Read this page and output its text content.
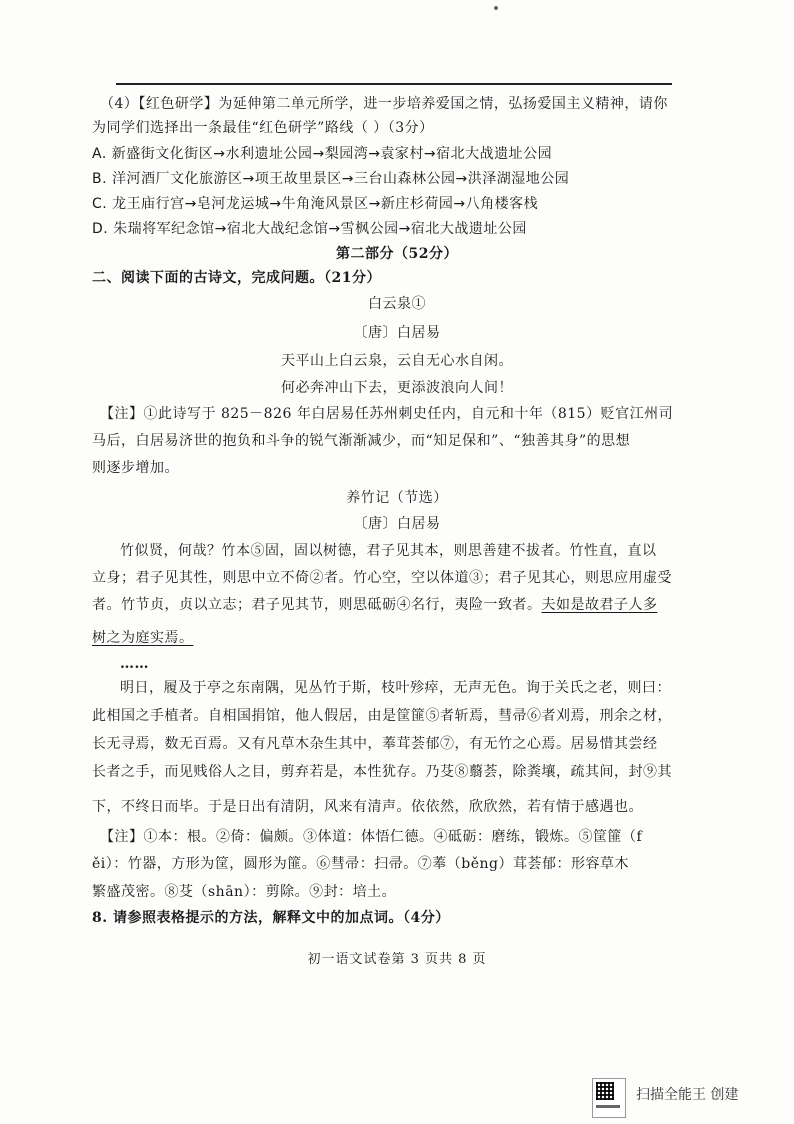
（4）【红色研学】为延伸第二单元所学，进一步培养爱国之情，弘扬爱国主义精神，请你
为同学们选择出一条最佳“红色研学”路线（ ）（3分）
A. 新盛街文化街区→水利遗址公园→梨园湾→袁家村→宿北大战遗址公园
B. 洋河酒厂文化旅游区→项王故里景区→三台山森林公园→洪泽湖湿地公园
C. 龙王庙行宫→皂河龙运城→牛角淹风景区→新庄杉荷园→八角楼客栈
D. 朱瑞将军纪念馆→宿北大战纪念馆→雪枫公园→宿北大战遗址公园
第二部分（52分）
二、阅读下面的古诗文，完成问题。（21分）
白云泉①
〔唐〕白居易
天平山上白云泉，云自无心水自闲。
何必奔冲山下去，更添波浪向人间！
【注】①此诗写于 825－826 年白居易任苏州刺史任内，自元和十年（815）贬官江州司
马后，白居易济世的抱负和斗争的锐气渐渐减少，而“知足保和”、“独善其身”的思想
则逐步增加。
养竹记（节选）
〔唐〕白居易
竹似贤，何哉？竹本⑤固，固以树德，君子见其本，则思善建不拔者。竹性直，直以
立身；君子见其性，则思中立不倚②者。竹心空，空以体道③；君子见其心，则思应用虚受
者。竹节贞，贞以立志；君子见其节，则思砥砺④名行，夷险一致者。夫如是故君子人多
树之为庭实焉。
……
明日，履及于亭之东南隅，见丛竹于斯，枝叶殄瘁，无声无色。询于关氏之老，则曰：
此相国之手植者。自相国捐馆，他人假居，由是筐篚⑤者斩焉，彗帚⑥者刈焉，刑余之材，
长无寻焉，数无百焉。又有凡草木杂生其中，菶茸荟郁⑦，有无竹之心焉。居易惜其尝经
长者之手，而见贱俗人之目，剪弃若是，本性犹存。乃芟⑧蘙荟，除粪壤，疏其间，封⑨其
下，不终日而毕。于是日出有清阴，风来有清声。依依然，欣欣然，若有情于感遇也。
【注】①本：根。②倚：偏颇。③体道：体悟仁德。④砥砺：磨练，锻炼。⑤筐篚（f
ěi）：竹器，方形为筐，圆形为篚。⑥彗帚：扫帚。⑦菶（běng）茸荟郁：形容草木
繁盛茂密。⑧芟（shān）：剪除。⑨封：培土。
8. 请参照表格提示的方法，解释文中的加点词。（4分）
初一语文试卷第 3 页共 8 页
扫描全能王 创建
